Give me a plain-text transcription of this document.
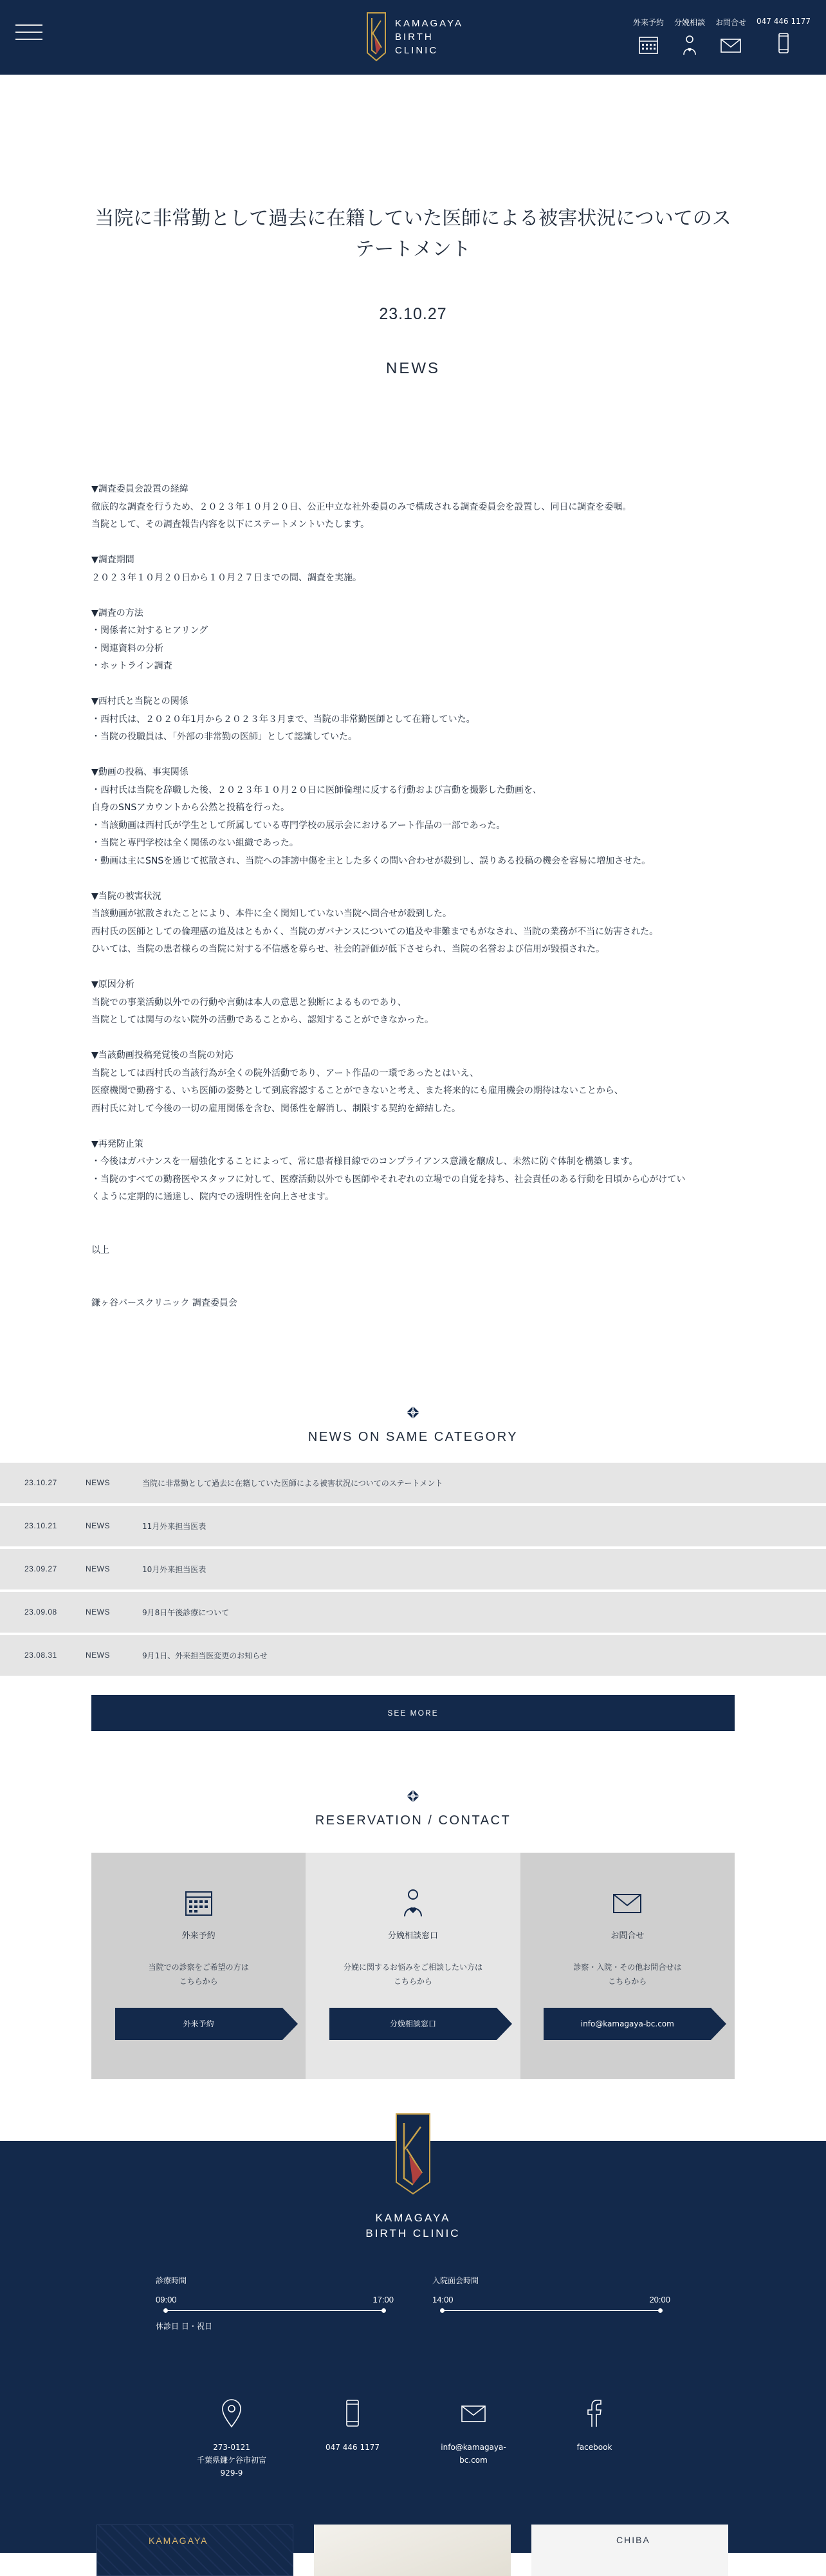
KAMAGAYA
BIRTH
CLINIC
外来予約 分娩相談 お問合せ 047 446 1177
当院に非常勤として過去に在籍していた医師による被害状況についてのステートメント
23.10.27
NEWS
▼調査委員会設置の経緯
徹底的な調査を行うため、２０２３年１０月２０日、公正中立な社外委員のみで構成される調査委員会を設置し、同日に調査を委嘱。
当院として、その調査報告内容を以下にステートメントいたします。
▼調査期間
２０２３年１０月２０日から１０月２７日までの間、調査を実施。
▼調査の方法
・関係者に対するヒアリング
・関連資料の分析
・ホットライン調査
▼西村氏と当院との関係
・西村氏は、２０２０年1月から２０２３年３月まで、当院の非常勤医師として在籍していた。
・当院の役職員は、「外部の非常勤の医師」として認識していた。
▼動画の投稿、事実関係
・西村氏は当院を辞職した後、２０２３年１０月２０日に医師倫理に反する行動および言動を撮影した動画を、
自身のSNSアカウントから公然と投稿を行った。
・当該動画は西村氏が学生として所属している専門学校の展示会におけるアート作品の一部であった。
・当院と専門学校は全く関係のない組織であった。
・動画は主にSNSを通じて拡散され、当院への誹謗中傷を主とした多くの問い合わせが殺到し、誤りある投稿の機会を容易に増加させた。
▼当院の被害状況
当該動画が拡散されたことにより、本件に全く関知していない当院へ問合せが殺到した。
西村氏の医師としての倫理感の追及はともかく、当院のガバナンスについての追及や非難までもがなされ、当院の業務が不当に妨害された。
ひいては、当院の患者様らの当院に対する不信感を募らせ、社会的評価が低下させられ、当院の名誉および信用が毀損された。
▼原因分析
当院での事業活動以外での行動や言動は本人の意思と独断によるものであり、
当院としては関与のない院外の活動であることから、認知することができなかった。
▼当該動画投稿発覚後の当院の対応
当院としては西村氏の当該行為が全くの院外活動であり、アート作品の一環であったとはいえ、
医療機関で勤務する、いち医師の姿勢として到底容認することができないと考え、また将来的にも雇用機会の期待はないことから、
西村氏に対して今後の一切の雇用関係を含む、関係性を解消し、制限する契約を締結した。
▼再発防止策
・今後はガバナンスを一層強化することによって、常に患者様目線でのコンプライアンス意識を醸成し、未然に防ぐ体制を構築します。
・当院のすべての勤務医やスタッフに対して、医療活動以外でも医師やそれぞれの立場での自覚を持ち、社会責任のある行動を日頃から心がけてい
くように定期的に通達し、院内での透明性を向上させます。
以上
鎌ヶ谷バースクリニック 調査委員会
NEWS ON SAME CATEGORY
23.10.27	NEWS	当院に非常勤として過去に在籍していた医師による被害状況についてのステートメント
23.10.21	NEWS	11月外来担当医表
23.09.27	NEWS	10月外来担当医表
23.09.08	NEWS	9月8日午後診療について
23.08.31	NEWS	9月1日、外来担当医変更のお知らせ
SEE MORE
RESERVATION / CONTACT
外来予約
当院での診察をご希望の方は
こちらから
外来予約
分娩相談窓口
分娩に関するお悩みをご相談したい方は
こちらから
分娩相談窓口
お問合せ
診察・入院・その他お問合せは
こちらから
info@kamagaya-bc.com
KAMAGAYA
BIRTH CLINIC
診療時間
09:00	17:00
休診日 日・祝日
入院面会時間
14:00	20:00
273-0121
千葉県鎌ケ谷市初富
929-9
047 446 1177	info@kamagaya-bc.com
facebook
KAMAGAYA	CHIBA
